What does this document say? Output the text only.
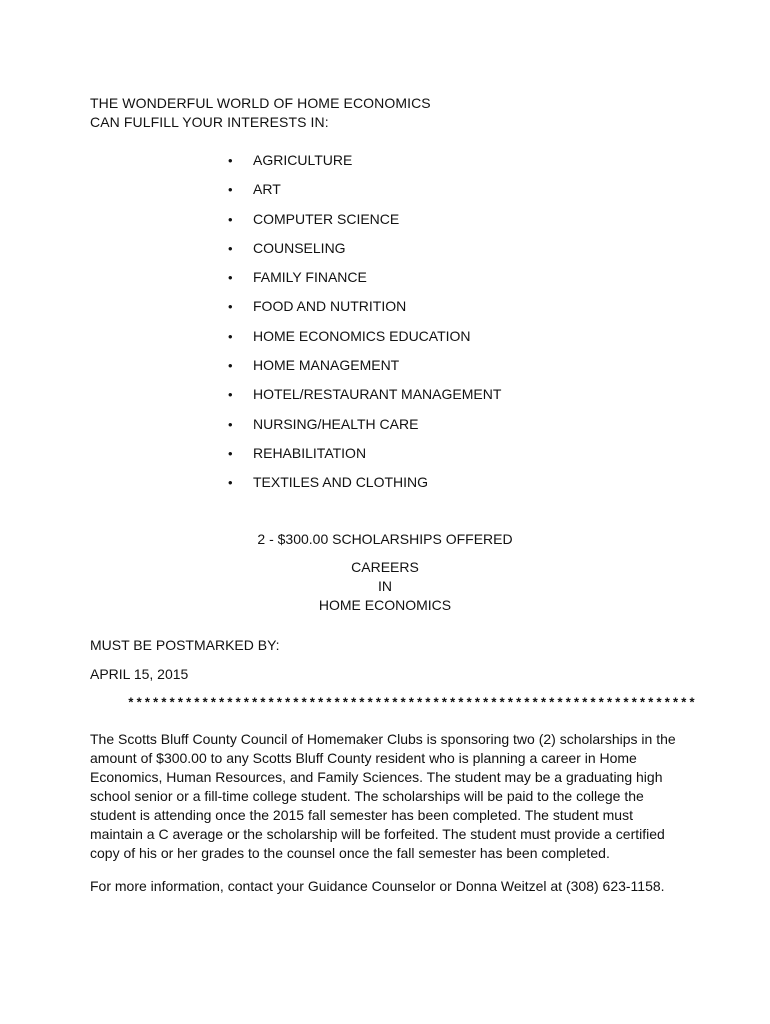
THE WONDERFUL WORLD OF HOME ECONOMICS
CAN FULFILL YOUR INTERESTS IN:
•	AGRICULTURE
•	ART
•	COMPUTER SCIENCE
•	COUNSELING
•	FAMILY FINANCE
•	FOOD AND NUTRITION
•	HOME ECONOMICS EDUCATION
•	HOME MANAGEMENT
•	HOTEL/RESTAURANT MANAGEMENT
•	NURSING/HEALTH CARE
•	REHABILITATION
•	TEXTILES AND CLOTHING
2 - $300.00 SCHOLARSHIPS OFFERED
CAREERS
IN
HOME ECONOMICS
MUST BE POSTMARKED BY:
APRIL 15, 2015
*********************************************************************

The Scotts Bluff County Council of Homemaker Clubs is sponsoring two (2) scholarships in the amount of $300.00 to any Scotts Bluff County resident who is planning a career in Home Economics, Human Resources, and Family Sciences. The student may be a graduating high school senior or a fill-time college student. The scholarships will be paid to the college the student is attending once the 2015 fall semester has been completed. The student must maintain a C average or the scholarship will be forfeited. The student must provide a certified copy of his or her grades to the counsel once the fall semester has been completed.

For more information, contact your Guidance Counselor or Donna Weitzel at (308) 623-1158.
